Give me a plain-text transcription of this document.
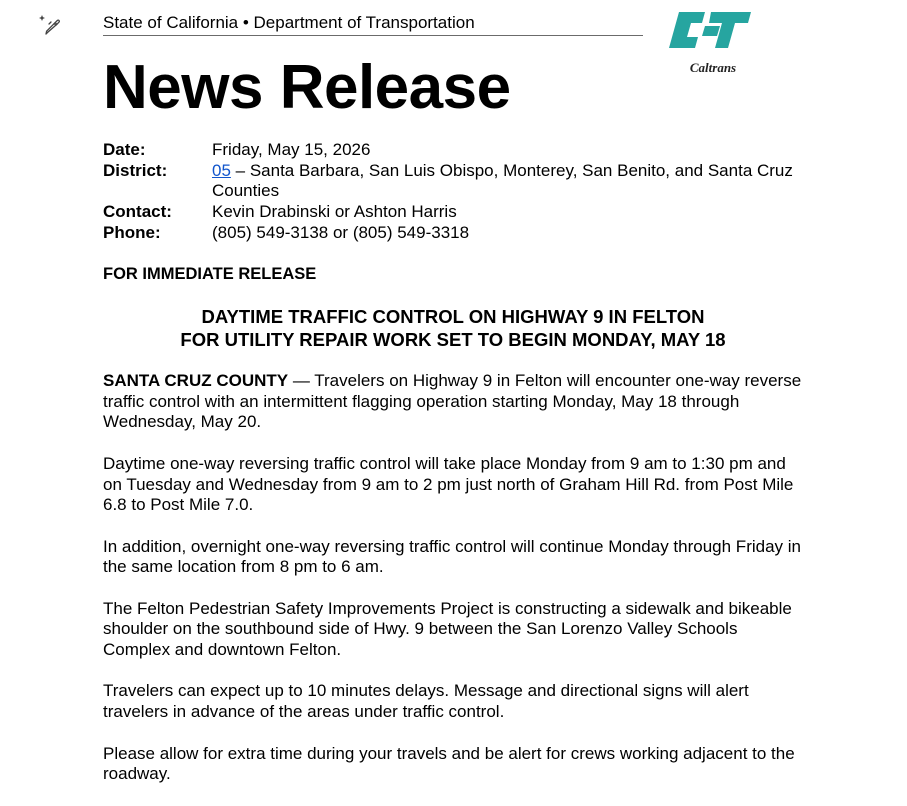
State of California • Department of Transportation
Caltrans
News Release
Date:	Friday, May 15, 2026
District:	05 – Santa Barbara, San Luis Obispo, Monterey, San Benito, and Santa Cruz Counties
Contact:	Kevin Drabinski or Ashton Harris
Phone:	(805) 549-3138 or (805) 549-3318
FOR IMMEDIATE RELEASE
DAYTIME TRAFFIC CONTROL ON HIGHWAY 9 IN FELTON
FOR UTILITY REPAIR WORK SET TO BEGIN MONDAY, MAY 18

SANTA CRUZ COUNTY — Travelers on Highway 9 in Felton will encounter one-way reverse traffic control with an intermittent flagging operation starting Monday, May 18 through Wednesday, May 20.

Daytime one-way reversing traffic control will take place Monday from 9 am to 1:30 pm and on Tuesday and Wednesday from 9 am to 2 pm just north of Graham Hill Rd. from Post Mile 6.8 to Post Mile 7.0.

In addition, overnight one-way reversing traffic control will continue Monday through Friday in the same location from 8 pm to 6 am.

The Felton Pedestrian Safety Improvements Project is constructing a sidewalk and bikeable shoulder on the southbound side of Hwy. 9 between the San Lorenzo Valley Schools Complex and downtown Felton.

Travelers can expect up to 10 minutes delays. Message and directional signs will alert travelers in advance of the areas under traffic control.

Please allow for extra time during your travels and be alert for crews working adjacent to the roadway.
